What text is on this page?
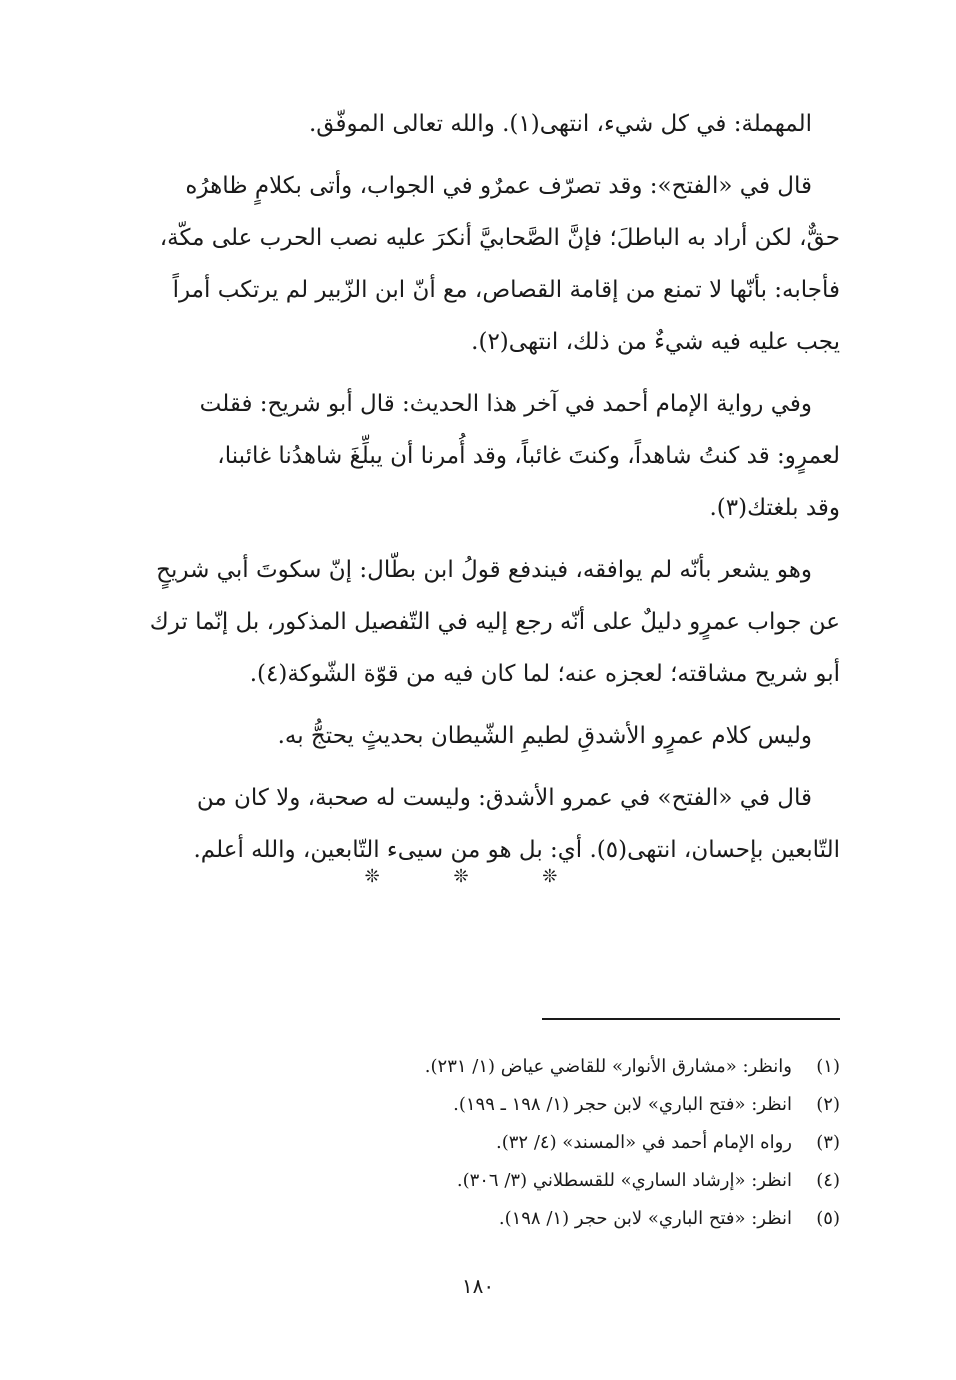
المهملة: في كل شيء، انتهى(١). والله تعالى الموفّق.

قال في «الفتح»: وقد تصرّف عمرٌو في الجواب، وأتى بكلامٍ ظاهرُه

حقٌّ، لكن أراد به الباطلَ؛ فإنَّ الصَّحابيَّ أنكرَ عليه نصب الحرب على مكّة،

فأجابه: بأنّها لا تمنع من إقامة القصاص، مع أنّ ابن الزّبير لم يرتكب أمراً

يجب عليه فيه شيءٌ من ذلك، انتهى(٢).

وفي رواية الإمام أحمد في آخر هذا الحديث: قال أبو شريح: فقلت

لعمرٍو: قد كنتُ شاهداً، وكنتَ غائباً، وقد أُمرنا أن يبلِّغَ شاهدُنا غائبنا،

وقد بلغتك(٣).

وهو يشعر بأنّه لم يوافقه، فيندفع قولُ ابن بطّال: إنّ سكوتَ أبي شريحٍ

عن جواب عمرٍو دليلٌ على أنّه رجع إليه في التّفصيل المذكور، بل إنّما ترك

أبو شريح مشاقته؛ لعجزه عنه؛ لما كان فيه من قوّة الشّوكة(٤).

وليس كلام عمرٍو الأشدقِ لطيمِ الشّيطان بحديثٍ يحتجُّ به.

قال في «الفتح» في عمرو الأشدق: وليست له صحبة، ولا كان من

التّابعين بإحسان، انتهى(٥). أي: بل هو من سيىء التّابعين، والله أعلم.

❊ ❊ ❊
(١)
وانظر: «مشارق الأنوار» للقاضي عياض (١/ ٢٣١).
(٢)
انظر: «فتح الباري» لابن حجر (١/ ١٩٨ ـ ١٩٩).
(٣)
رواه الإمام أحمد في «المسند» (٤/ ٣٢).
(٤)
انظر: «إرشاد الساري» للقسطلاني (٣/ ٣٠٦).
(٥)
انظر: «فتح الباري» لابن حجر (١/ ١٩٨).
١٨٠
